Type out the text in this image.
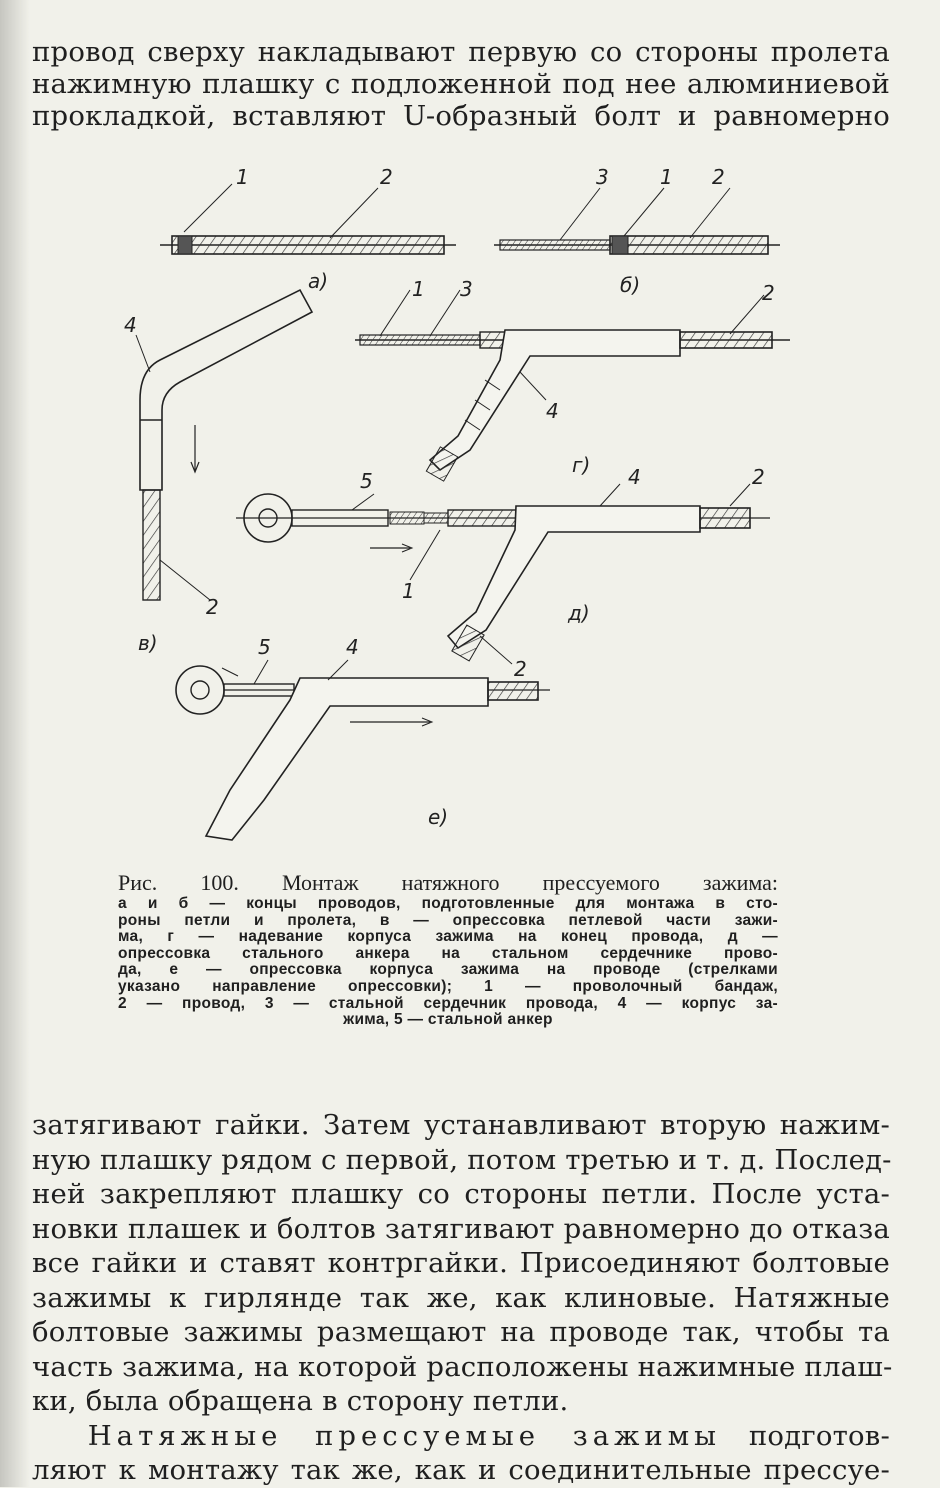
провод сверху накладывают первую со стороны пролета
нажимную плашку с подложенной под нее алюминиевой
прокладкой, вставляют U-образный болт и равномерно
1	2
а)
3	1 2
б)
4
2
в)
1 3	2
4
г)
5	4	2
1
д)
2
5	4
е)
Рис. 100. Монтаж натяжного прессуемого зажима:
а и б — концы проводов, подготовленные для монтажа в сто-
роны петли и пролета, в — опрессовка петлевой части зажи-
ма, г — надевание корпуса зажима на конец провода, д —
опрессовка стального анкера на стальном сердечнике прово-
да, е — опрессовка корпуса зажима на проводе (стрелками
указано направление опрессовки); 1 — проволочный бандаж,
2 — провод, 3 — стальной сердечник провода, 4 — корпус за-
жима, 5 — стальной анкер
затягивают гайки. Затем устанавливают вторую нажим-
ную плашку рядом с первой, потом третью и т. д. Послед-
ней закрепляют плашку со стороны петли. После уста-
новки плашек и болтов затягивают равномерно до отказа
все гайки и ставят контргайки. Присоединяют болтовые
зажимы к гирлянде так же, как клиновые. Натяжные
болтовые зажимы размещают на проводе так, чтобы та
часть зажима, на которой расположены нажимные плаш-
ки, была обращена в сторону петли.
Натяжные прессуемые зажимы подготов-
ляют к монтажу так же, как и соединительные прессуе-
